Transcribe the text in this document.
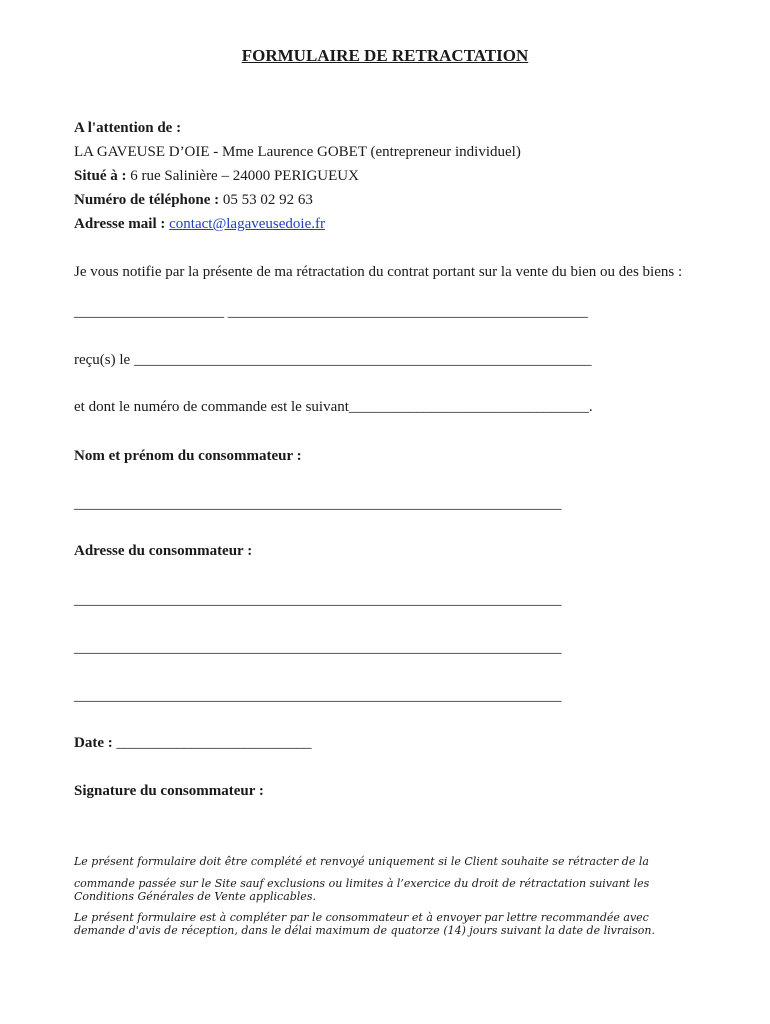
FORMULAIRE DE RETRACTATION
A l'attention de :
LA GAVEUSE D’OIE - Mme Laurence GOBET (entrepreneur individuel)
Situé à : 6 rue Salinière – 24000 PERIGUEUX
Numéro de téléphone : 05 53 02 92 63
Adresse mail : contact@lagaveusedoie.fr
Je vous notifie par la présente de ma rétractation du contrat portant sur la vente du bien ou des biens :
____________________ ________________________________________________
reçu(s) le _____________________________________________________________
et dont le numéro de commande est le suivant________________________________.
Nom et prénom du consommateur :
_________________________________________________________________
Adresse du consommateur :
_________________________________________________________________
_________________________________________________________________
_________________________________________________________________
Date : __________________________
Signature du consommateur :
Le présent formulaire doit être complété et renvoyé uniquement si le Client souhaite se rétracter de la
commande passée sur le Site sauf exclusions ou limites à l’exercice du droit de rétractation suivant les Conditions Générales de Vente applicables.
Le présent formulaire est à compléter par le consommateur et à envoyer par lettre recommandée avec demande d'avis de réception, dans le délai maximum de quatorze (14) jours suivant la date de livraison.
